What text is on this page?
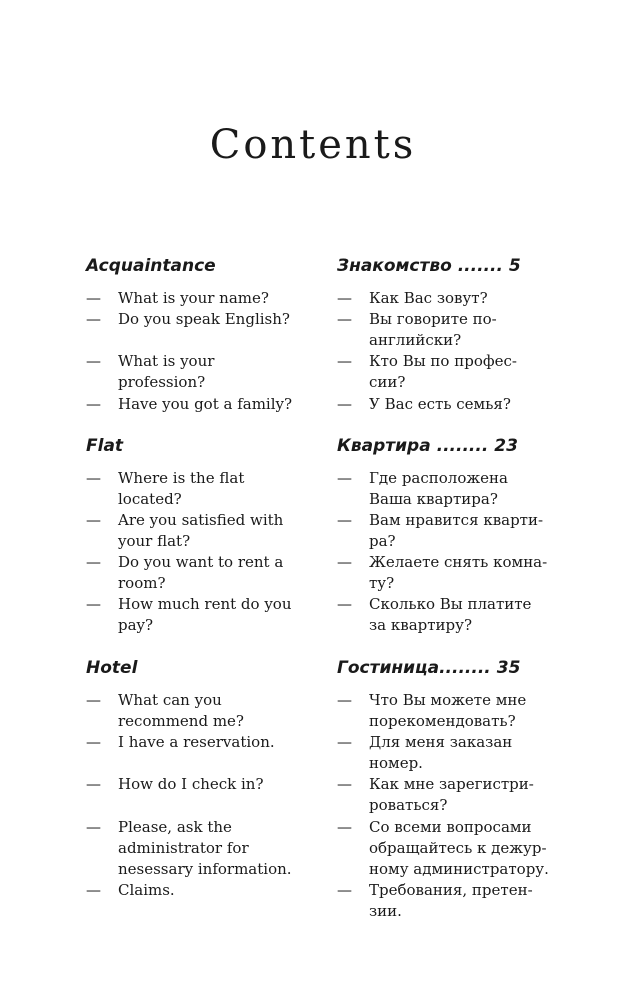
Contents
Acquaintance
— What is your name?
— Do you speak English?
— What is your
profession?
— Have you got a family?
Flat
— Where is the flat
located?
— Are you satisfied with
your flat?
— Do you want to rent a
room?
— How much rent do you
pay?
Hotel
— What can you
recommend me?
— I have a reservation.
— How do I check in?
— Please, ask the
administrator for
nesessary information.
— Claims.
Знакомство ....... 5
— Как Вас зовут?
— Вы говорите по-
английски?
— Кто Вы по профес-
сии?
— У Вас есть семья?
Квартира ........ 23
— Где расположена
Ваша квартира?
— Вам нравится кварти-
ра?
— Желаете снять комна-
ту?
— Сколько Вы платите
за квартиру?
Гостиница........ 35
— Что Вы можете мне
порекомендовать?
— Для меня заказан
номер.
— Как мне зарегистри-
роваться?
— Со всеми вопросами
обращайтесь к дежур-
ному администратору.
— Требования, претен-
зии.
